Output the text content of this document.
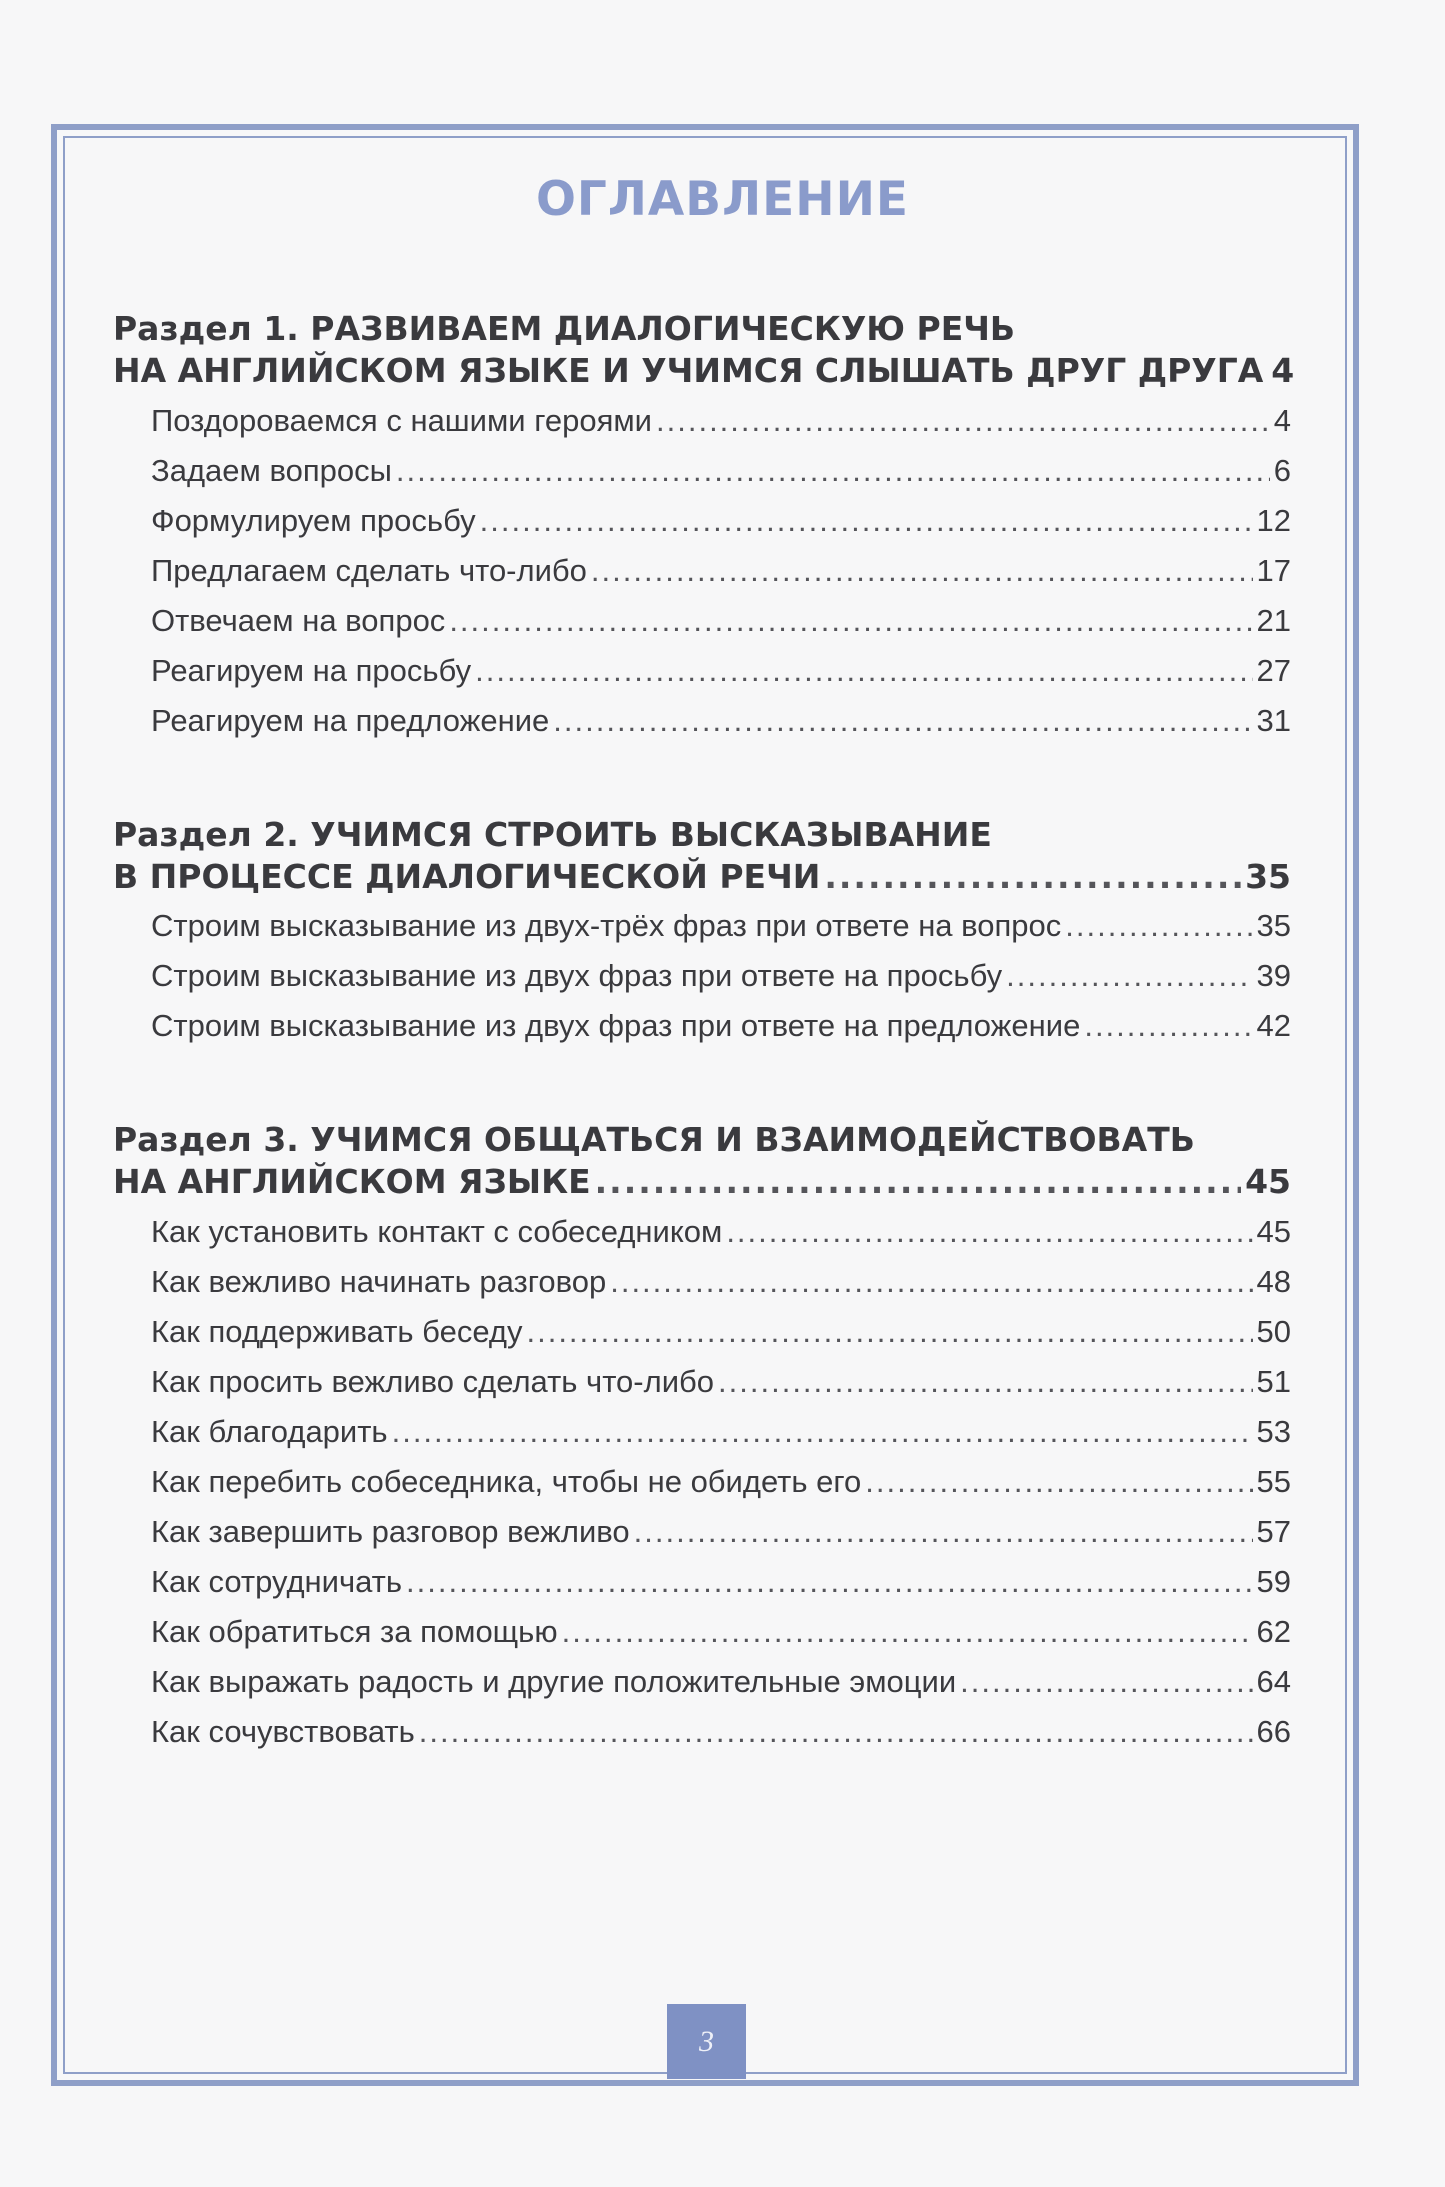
ОГЛАВЛЕНИЕ
Раздел 1. РАЗВИВАЕМ ДИАЛОГИЧЕСКУЮ РЕЧЬ
НА АНГЛИЙСКОМ ЯЗЫКЕ И УЧИМСЯ СЛЫШАТЬ ДРУГ ДРУГА 4
Поздороваемся с нашими героями .....	4
Задаем вопросы .....	6
Формулируем просьбу .....	12
Предлагаем сделать что-либо .....	17
Отвечаем на вопрос .....	21
Реагируем на просьбу .....	27
Реагируем на предложение .....	31
Раздел 2. УЧИМСЯ СТРОИТЬ ВЫСКАЗЫВАНИЕ
В ПРОЦЕССЕ ДИАЛОГИЧЕСКОЙ РЕЧИ .....	35
Строим высказывание из двух-трёх фраз при ответе на вопрос .....	35
Строим высказывание из двух фраз при ответе на просьбу .....	39
Строим высказывание из двух фраз при ответе на предложение .....	42
Раздел 3. УЧИМСЯ ОБЩАТЬСЯ И ВЗАИМОДЕЙСТВОВАТЬ
НА АНГЛИЙСКОМ ЯЗЫКЕ .....	45
Как установить контакт с собеседником .....	45
Как вежливо начинать разговор .....	48
Как поддерживать беседу .....	50
Как просить вежливо сделать что-либо .....	51
Как благодарить .....	53
Как перебить собеседника, чтобы не обидеть его .....	55
Как завершить разговор вежливо .....	57
Как сотрудничать .....	59
Как обратиться за помощью .....	62
Как выражать радость и другие положительные эмоции .....	64
Как сочувствовать .....	66
3
